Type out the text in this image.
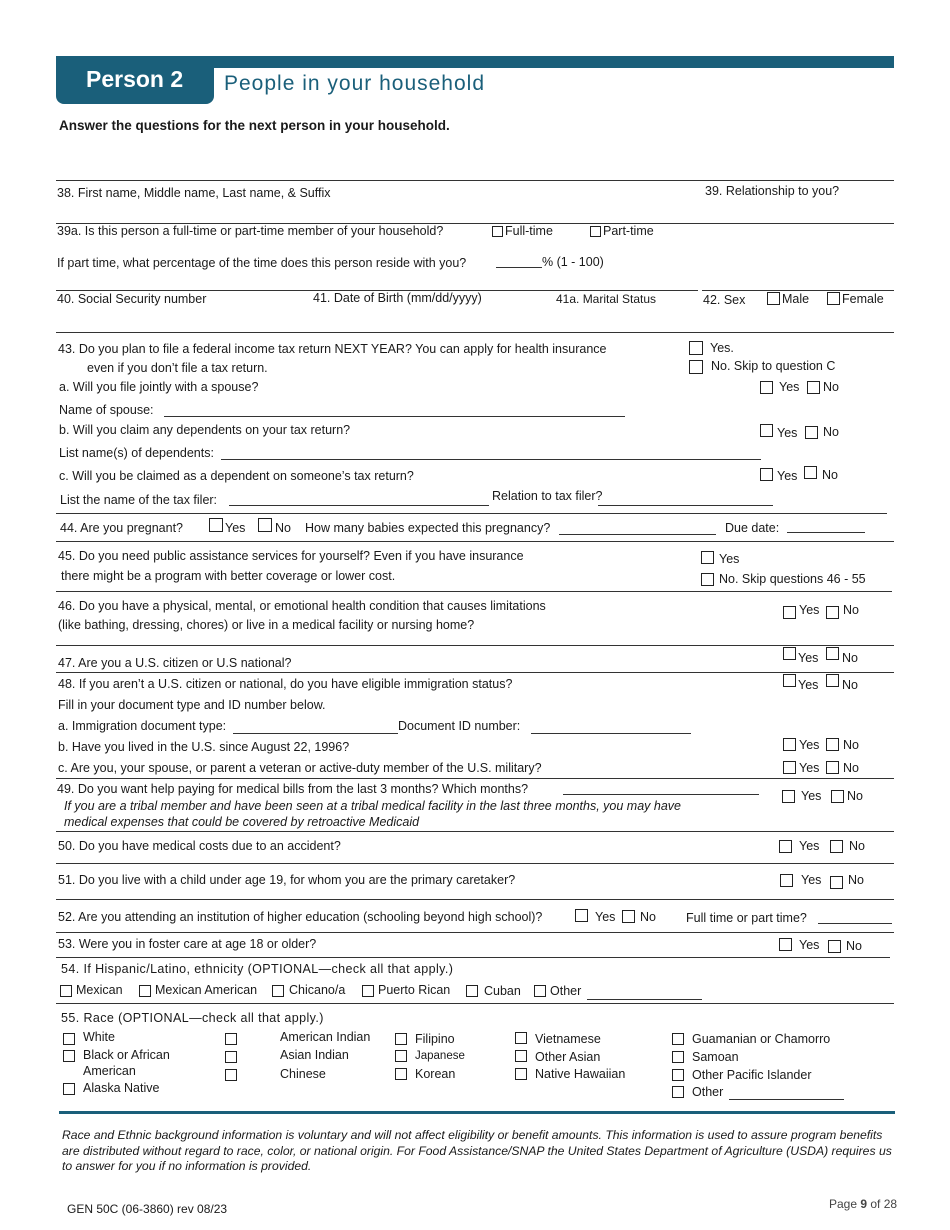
Person 2 People in your household
Answer the questions for the next person in your household.
38. First name, Middle name, Last name, & Suffix	39. Relationship to you?
39a. Is this person a full-time or part-time member of your household?	Full-time	Part-time
If part time, what percentage of the time does this person reside with you?	% (1 - 100)
40. Social Security number	41. Date of Birth (mm/dd/yyyy)	41a. Marital Status	42. Sex	Male	Female
43. Do you plan to file a federal income tax return NEXT YEAR? You can apply for health insurance
even if you don’t file a tax return.
Yes.
No. Skip to question C
a. Will you file jointly with a spouse?	Yes No
Name of spouse:
b. Will you claim any dependents on your tax return?	Yes No
List name(s) of dependents:
c. Will you be claimed as a dependent on someone’s tax return?	Yes No
List the name of the tax filer:	Relation to tax filer?
44. Are you pregnant?	Yes No How many babies expected this pregnancy?	Due date:
45. Do you need public assistance services for yourself? Even if you have insurance
there might be a program with better coverage or lower cost.
Yes
No. Skip questions 46 - 55
46. Do you have a physical, mental, or emotional health condition that causes limitations
(like bathing, dressing, chores) or live in a medical facility or nursing home?
Yes No
47. Are you a U.S. citizen or U.S national?	Yes No
48. If you aren’t a U.S. citizen or national, do you have eligible immigration status?	Yes No
Fill in your document type and ID number below.
a. Immigration document type:	Document ID number:
b. Have you lived in the U.S. since August 22, 1996?	Yes No
c. Are you, your spouse, or parent a veteran or active-duty member of the U.S. military?	Yes No
49. Do you want help paying for medical bills from the last 3 months? Which months?
If you are a tribal member and have been seen at a tribal medical facility in the last three months, you may have
medical expenses that could be covered by retroactive Medicaid
Yes No
50. Do you have medical costs due to an accident?	Yes No
51. Do you live with a child under age 19, for whom you are the primary caretaker?	Yes No
52. Are you attending an institution of higher education (schooling beyond high school)?	Yes No Full time or part time?
53. Were you in foster care at age 18 or older?	Yes No
54. If Hispanic/Latino, ethnicity (OPTIONAL—check all that apply.)
Mexican	Mexican American	Chicano/a	Puerto Rican	Cuban Other
55. Race (OPTIONAL—check all that apply.)
White
Black or African
American
Alaska Native
American Indian
Asian Indian
Chinese
Filipino
Japanese
Korean
Vietnamese
Other Asian
Native Hawaiian
Guamanian or Chamorro
Samoan
Other Pacific Islander
Other
Race and Ethnic background information is voluntary and will not affect eligibility or benefit amounts. This information is used to assure program benefits are distributed without regard to race, color, or national origin. For Food Assistance/SNAP the United States Department of Agriculture (USDA) requires us to answer for you if no information is provided.
GEN 50C (06-3860) rev 08/23	Page 9 of 28
